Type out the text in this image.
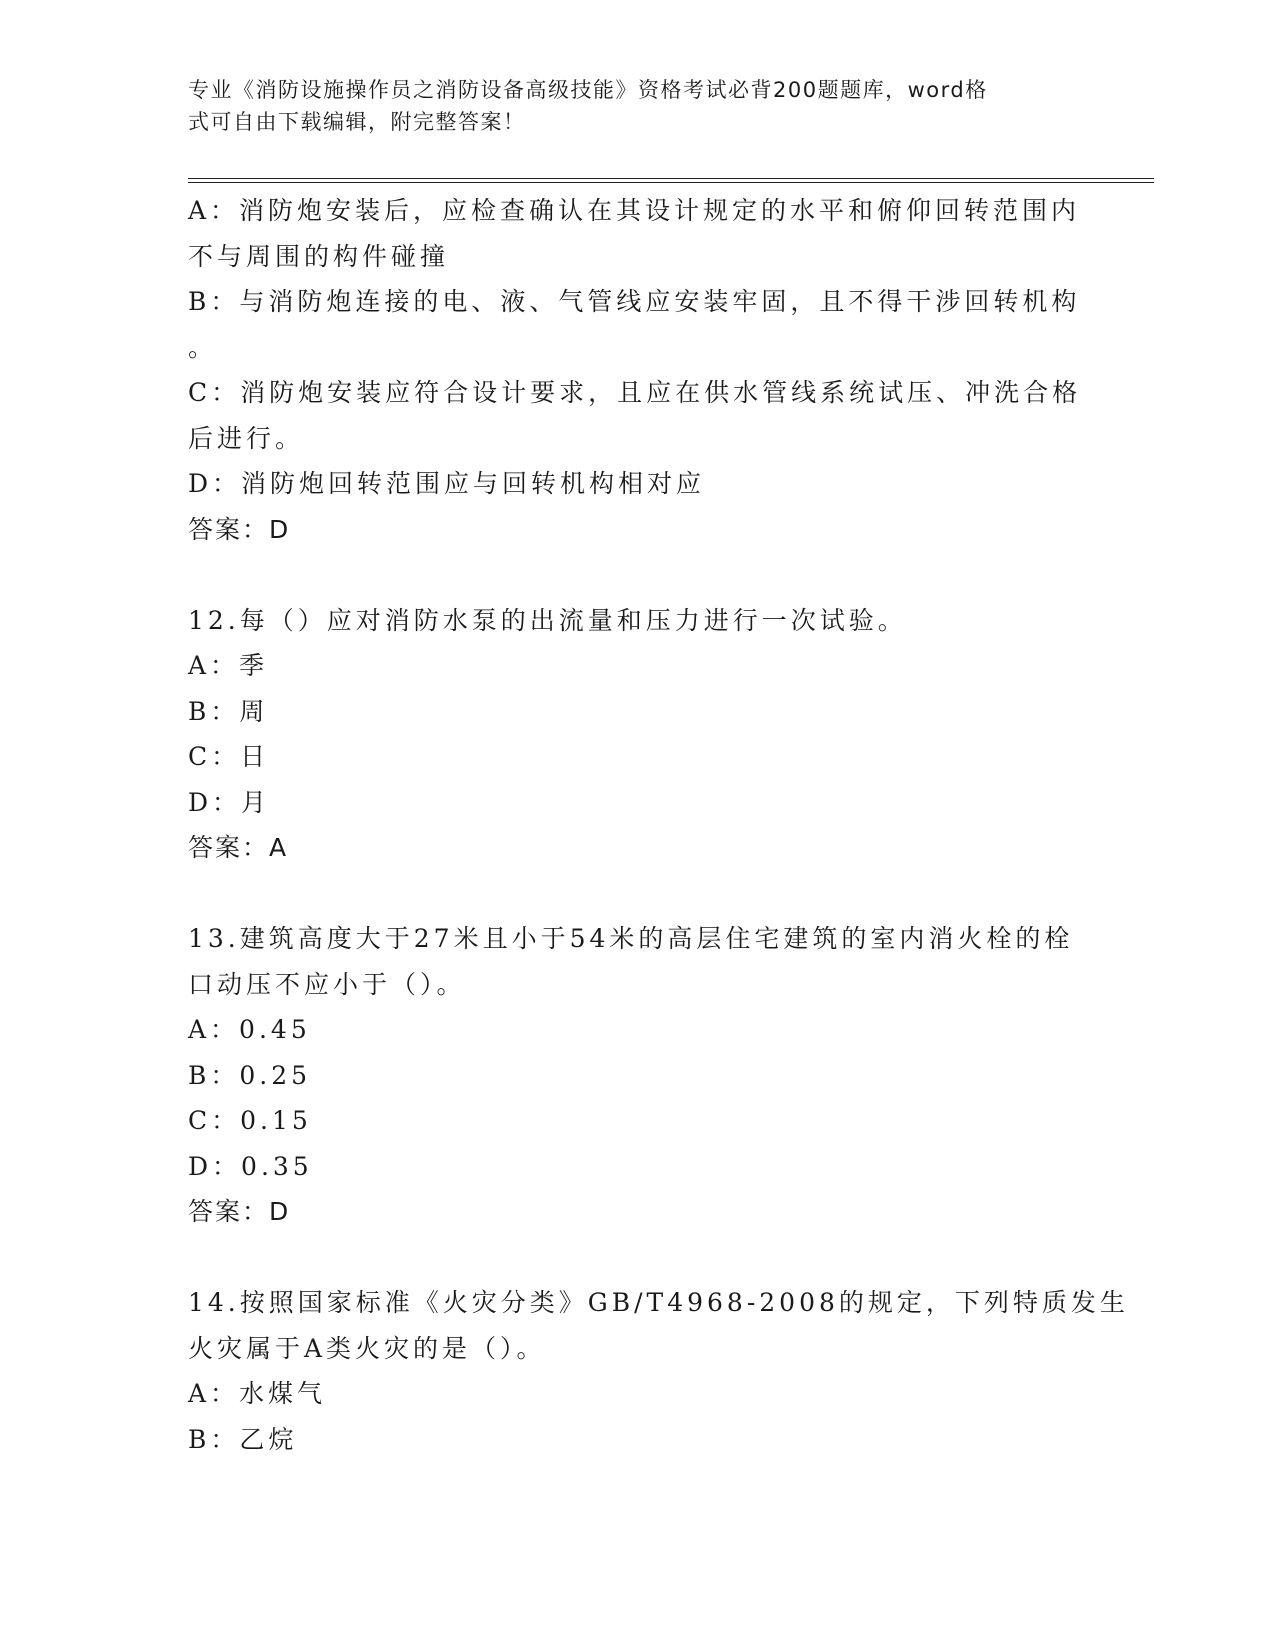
专业《消防设施操作员之消防设备高级技能》资格考试必背200题题库，word格
式可自由下载编辑，附完整答案！
A：消防炮安装后，应检查确认在其设计规定的水平和俯仰回转范围内
不与周围的构件碰撞
B：与消防炮连接的电、液、气管线应安装牢固，且不得干涉回转机构
。
C：消防炮安装应符合设计要求，且应在供水管线系统试压、冲洗合格
后进行。
D：消防炮回转范围应与回转机构相对应
答案：D
12.每（）应对消防水泵的出流量和压力进行一次试验。
A：季
B：周
C：日
D：月
答案：A
13.建筑高度大于27米且小于54米的高层住宅建筑的室内消火栓的栓
口动压不应小于（）。
A：0.45
B：0.25
C：0.15
D：0.35
答案：D
14.按照国家标准《火灾分类》GB/T4968-2008的规定，下列特质发生
火灾属于A类火灾的是（）。
A：水煤气
B：乙烷
